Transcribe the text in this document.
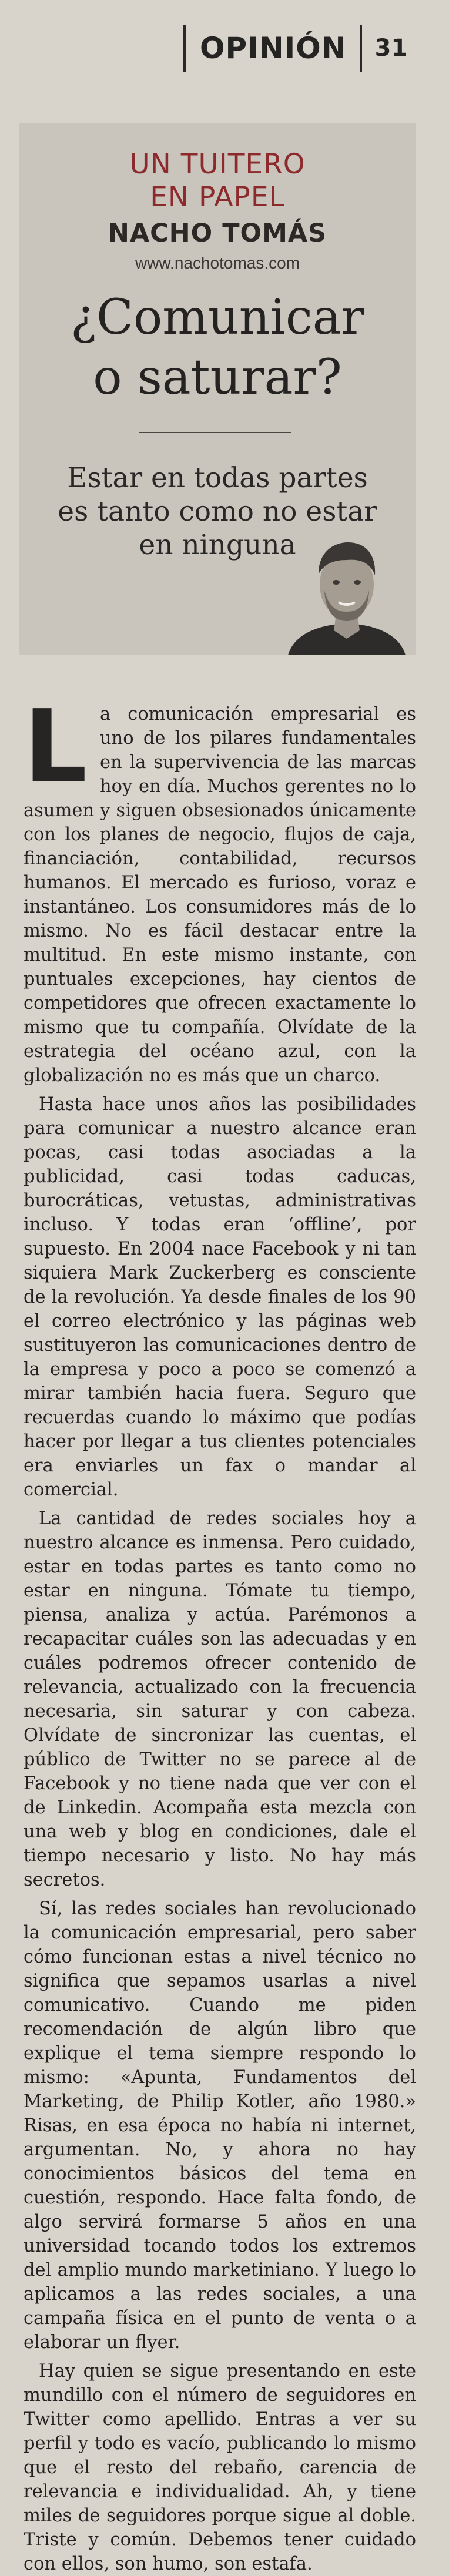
OPINIÓN 31
UN TUITERO
EN PAPEL
NACHO TOMÁS
www.nachotomas.com
¿Comunicar
o saturar?
Estar en todas partes
es tanto como no estar
en ninguna

La comunicación empresarial es uno de los pilares fundamentales en la supervivencia de las marcas hoy en día. Muchos gerentes no lo asumen y siguen obsesionados únicamente con los planes de negocio, flujos de caja, financiación, contabilidad, recursos humanos. El mercado es furioso, voraz e instantáneo. Los consumidores más de lo mismo. No es fácil destacar entre la multitud. En este mismo instante, con puntuales excepciones, hay cientos de competidores que ofrecen exactamente lo mismo que tu compañía. Olvídate de la estrategia del océano azul, con la globalización no es más que un charco.

Hasta hace unos años las posibilidades para comunicar a nuestro alcance eran pocas, casi todas asociadas a la publicidad, casi todas caducas, burocráticas, vetustas, administrativas incluso. Y todas eran ‘offline’, por supuesto. En 2004 nace Facebook y ni tan siquiera Mark Zuckerberg es consciente de la revolución. Ya desde finales de los 90 el correo electrónico y las páginas web sustituyeron las comunicaciones dentro de la empresa y poco a poco se comenzó a mirar también hacia fuera. Seguro que recuerdas cuando lo máximo que podías hacer por llegar a tus clientes potenciales era enviarles un fax o mandar al comercial.

La cantidad de redes sociales hoy a nuestro alcance es inmensa. Pero cuidado, estar en todas partes es tanto como no estar en ninguna. Tómate tu tiempo, piensa, analiza y actúa. Parémonos a recapacitar cuáles son las adecuadas y en cuáles podremos ofrecer contenido de relevancia, actualizado con la frecuencia necesaria, sin saturar y con cabeza. Olvídate de sincronizar las cuentas, el público de Twitter no se parece al de Facebook y no tiene nada que ver con el de Linkedin. Acompaña esta mezcla con una web y blog en condiciones, dale el tiempo necesario y listo. No hay más secretos.

Sí, las redes sociales han revolucionado la comunicación empresarial, pero saber cómo funcionan estas a nivel técnico no significa que sepamos usarlas a nivel comunicativo. Cuando me piden recomendación de algún libro que explique el tema siempre respondo lo mismo: «Apunta, Fundamentos del Marketing, de Philip Kotler, año 1980.» Risas, en esa época no había ni internet, argumentan. No, y ahora no hay conocimientos básicos del tema en cuestión, respondo. Hace falta fondo, de algo servirá formarse 5 años en una universidad tocando todos los extremos del amplio mundo marketiniano. Y luego lo aplicamos a las redes sociales, a una campaña física en el punto de venta o a elaborar un flyer.

Hay quien se sigue presentando en este mundillo con el número de seguidores en Twitter como apellido. Entras a ver su perfil y todo es vacío, publicando lo mismo que el resto del rebaño, carencia de relevancia e individualidad. Ah, y tiene miles de seguidores porque sigue al doble. Triste y común. Debemos tener cuidado con ellos, son humo, son estafa.
